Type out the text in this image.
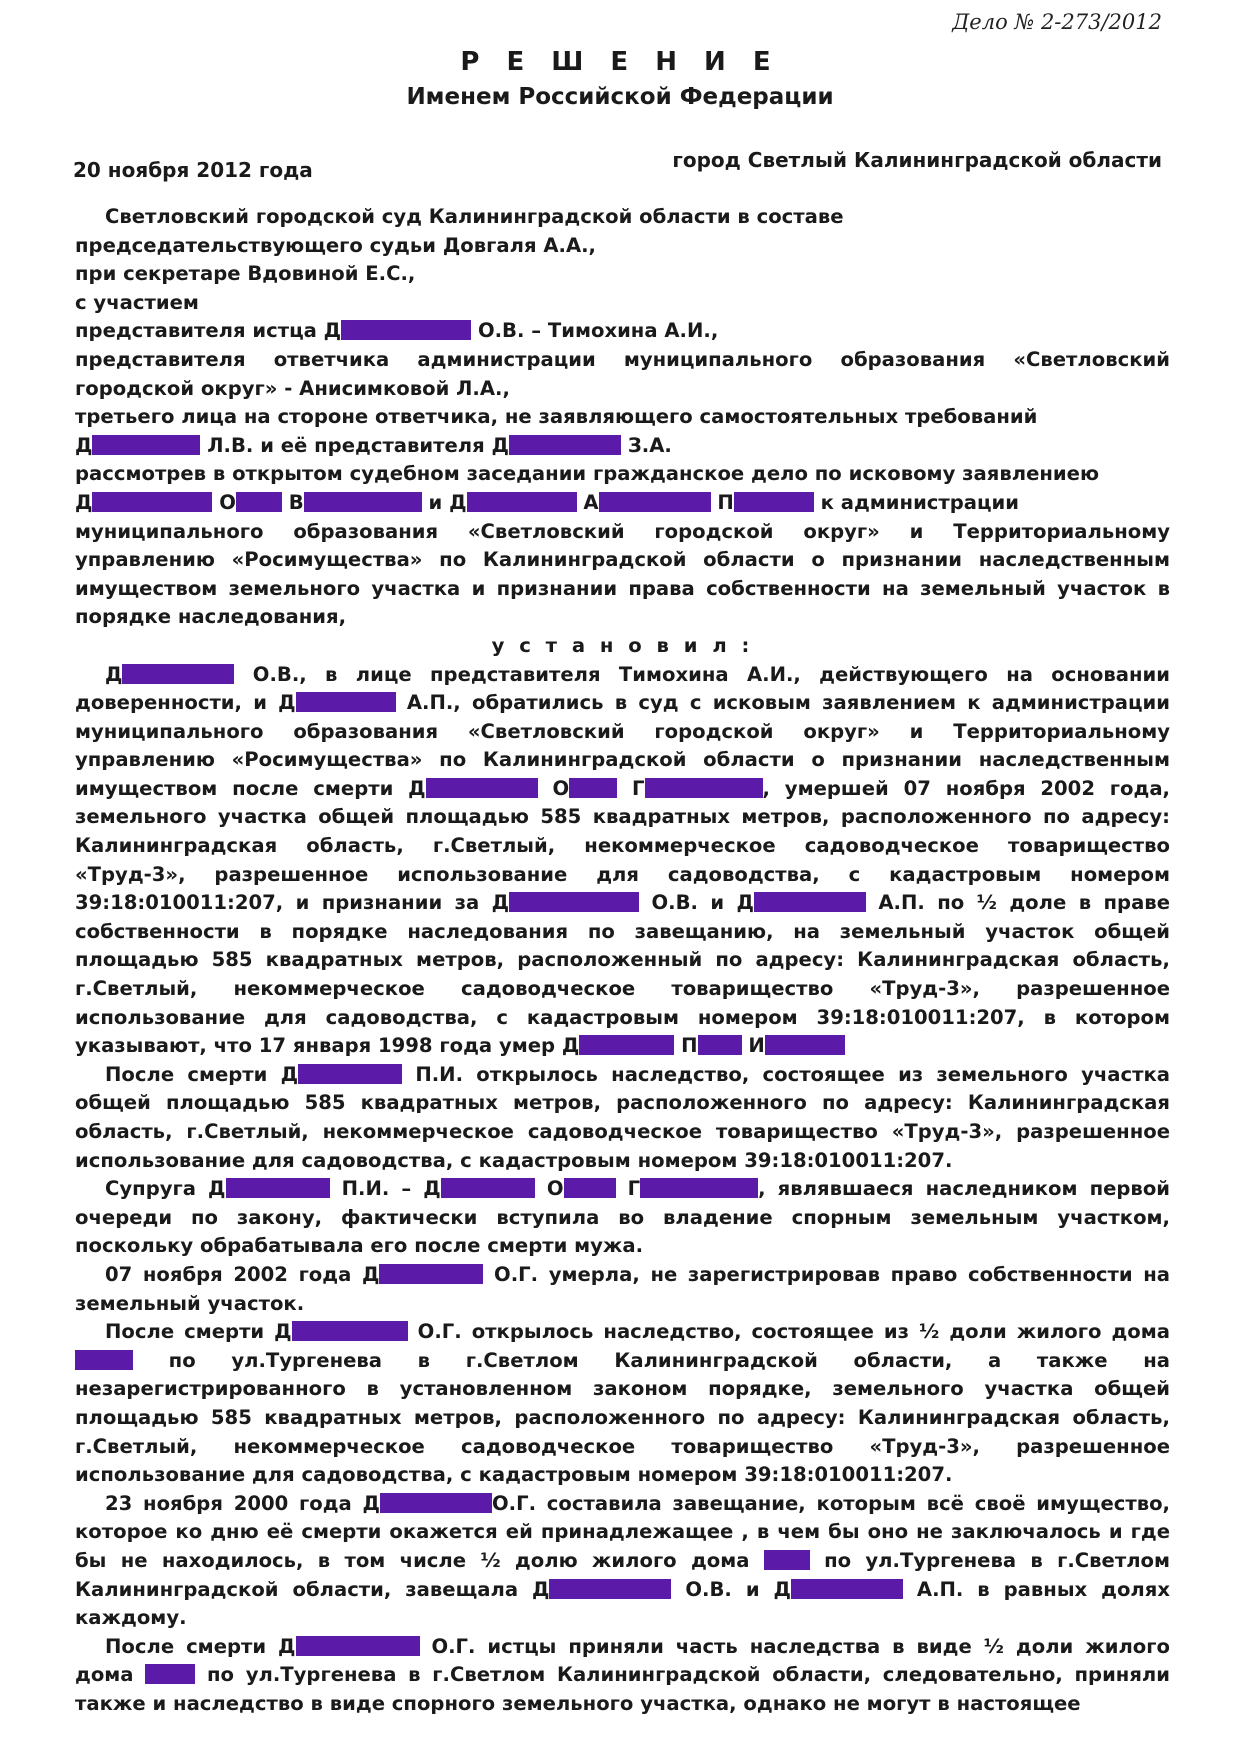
Дело № 2-273/2012
Р Е Ш Е Н И Е
Именем Российской Федерации
20 ноября 2012 года	город Светлый Калининградской области

Светловский городской суд Калининградской области в составе

председательствующего судьи Довгаля А.А.,

при секретаре Вдовиной Е.С.,

с участием

представителя истца Д	О.В. – Тимохина А.И.,

представителя ответчика администрации муниципального образования «Светловский городской округ» - Анисимковой Л.А.,

третьего лица на стороне ответчика, не заявляющего самостоятельных требований

Д	Л.В. и её представителя Д	З.А.

рассмотрев в открытом судебном заседании гражданское дело по исковому заявлениею

Д	О	В	и Д	А	П	к администрации

муниципального образования «Светловский городской округ» и Территориальному управлению «Росимущества» по Калининградской области о признании наследственным имуществом земельного участка и признании права собственности на земельный участок в порядке наследования,

у с т а н о в и л :

Д	О.В., в лице представителя Тимохина А.И., действующего на основании доверенности, и Д	А.П., обратились в суд с исковым заявлением к администрации муниципального образования «Светловский городской округ» и Территориальному управлению «Росимущества» по Калининградской области о признании наследственным имуществом после смерти Д	О	Г	, умершей 07 ноября 2002 года, земельного участка общей площадью 585 квадратных метров, расположенного по адресу: Калининградская область, г.Светлый, некоммерческое садоводческое товарищество «Труд-3», разрешенное использование для садоводства, с кадастровым номером 39:18:010011:207, и признании за Д	О.В. и Д	А.П. по ½ доле в праве собственности в порядке наследования по завещанию, на земельный участок общей площадью 585 квадратных метров, расположенный по адресу: Калининградская область, г.Светлый, некоммерческое садоводческое товарищество «Труд-3», разрешенное использование для садоводства, с кадастровым номером 39:18:010011:207, в котором указывают, что 17 января 1998 года умер Д	П	И

После смерти Д	П.И. открылось наследство, состоящее из земельного участка общей площадью 585 квадратных метров, расположенного по адресу: Калининградская область, г.Светлый, некоммерческое садоводческое товарищество «Труд-3», разрешенное использование для садоводства, с кадастровым номером 39:18:010011:207.

Супруга Д	П.И. – Д	О	Г	, являвшаеся наследником первой очереди по закону, фактически вступила во владение спорным земельным участком, поскольку обрабатывала его после смерти мужа.

07 ноября 2002 года Д	О.Г. умерла, не зарегистрировав право собственности на земельный участок.

После смерти Д	О.Г. открылось наследство, состоящее из ½ доли жилого дома  по ул.Тургенева в г.Светлом Калининградской области, а также на незарегистрированного в установленном законом порядке, земельного участка общей площадью 585 квадратных метров, расположенного по адресу: Калининградская область, г.Светлый, некоммерческое садоводческое товарищество «Труд-3», разрешенное использование для садоводства, с кадастровым номером 39:18:010011:207.

23 ноября 2000 года Д	О.Г. составила завещание, которым всё своё имущество, которое ко дню её смерти окажется ей принадлежащее , в чем бы оно не заключалось и где бы не находилось, в том числе ½ долю жилого дома	по ул.Тургенева в г.Светлом Калининградской области, завещала Д	О.В. и Д	А.П. в равных долях каждому.

После смерти Д	О.Г. истцы приняли часть наследства в виде ½ доли жилого дома	по ул.Тургенева в г.Светлом Калининградской области, следовательно, приняли также и наследство в виде спорного земельного участка, однако не могут в настоящее
